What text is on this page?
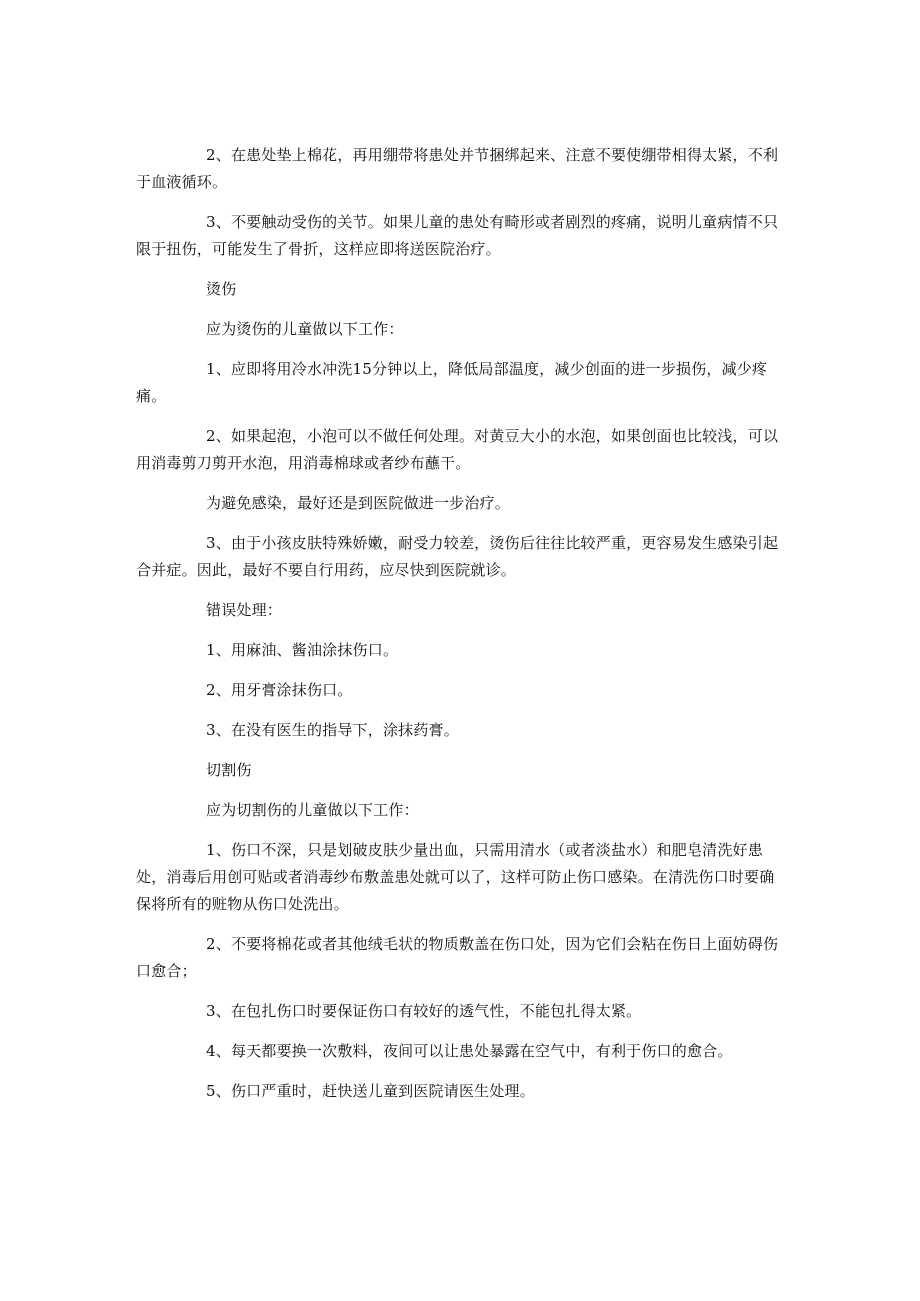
2、在患处垫上棉花，再用绷带将患处并节捆绑起来、注意不要使绷带相得太紧，不利于血液循环。

3、不要触动受伤的关节。如果儿童的患处有畸形或者剧烈的疼痛，说明儿童病情不只限于扭伤，可能发生了骨折，这样应即将送医院治疗。

烫伤

应为烫伤的儿童做以下工作：

1、应即将用冷水冲洗15分钟以上，降低局部温度，减少创面的进一步损伤，减少疼痛。

2、如果起泡，小泡可以不做任何处理。对黄豆大小的水泡，如果创面也比较浅，可以用消毒剪刀剪开水泡，用消毒棉球或者纱布蘸干。

为避免感染，最好还是到医院做进一步治疗。

3、由于小孩皮肤特殊娇嫩，耐受力较差，烫伤后往往比较严重，更容易发生感染引起合并症。因此，最好不要自行用药，应尽快到医院就诊。

错误处理：

1、用麻油、酱油涂抹伤口。

2、用牙膏涂抹伤口。

3、在没有医生的指导下，涂抹药膏。

切割伤

应为切割伤的儿童做以下工作：

1、伤口不深，只是划破皮肤少量出血，只需用清水（或者淡盐水）和肥皂清洗好患处，消毒后用创可贴或者消毒纱布敷盖患处就可以了，这样可防止伤口感染。在清洗伤口时要确保将所有的赃物从伤口处洗出。

2、不要将棉花或者其他绒毛状的物质敷盖在伤口处，因为它们会粘在伤日上面妨碍伤口愈合；

3、在包扎伤口时要保证伤口有较好的透气性，不能包扎得太紧。

4、每天都要换一次敷料，夜间可以让患处暴露在空气中，有利于伤口的愈合。

5、伤口严重时，赶快送儿童到医院请医生处理。
